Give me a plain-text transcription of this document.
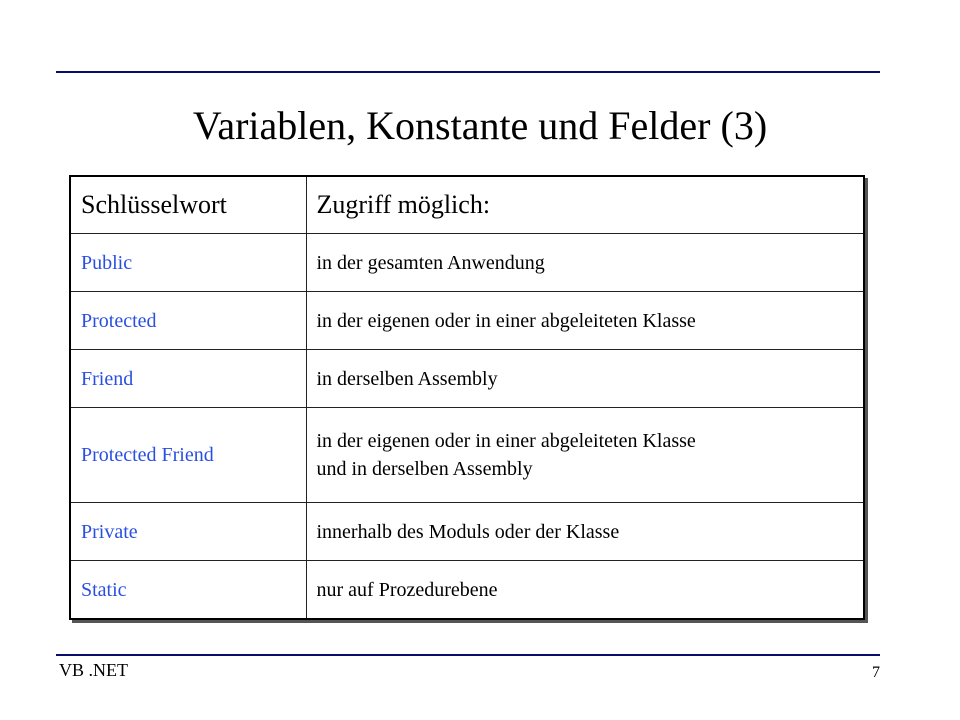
Variablen, Konstante und Felder (3)
Schlüsselwort	Zugriff möglich:
Public	in der gesamten Anwendung
Protected	in der eigenen oder in einer abgeleiteten Klasse
Friend	in derselben Assembly
Protected Friend	in der eigenen oder in einer abgeleiteten Klasse
und in derselben Assembly

Private	innerhalb des Moduls oder der Klasse
Static	nur auf Prozedurebene
VB .NET	7
